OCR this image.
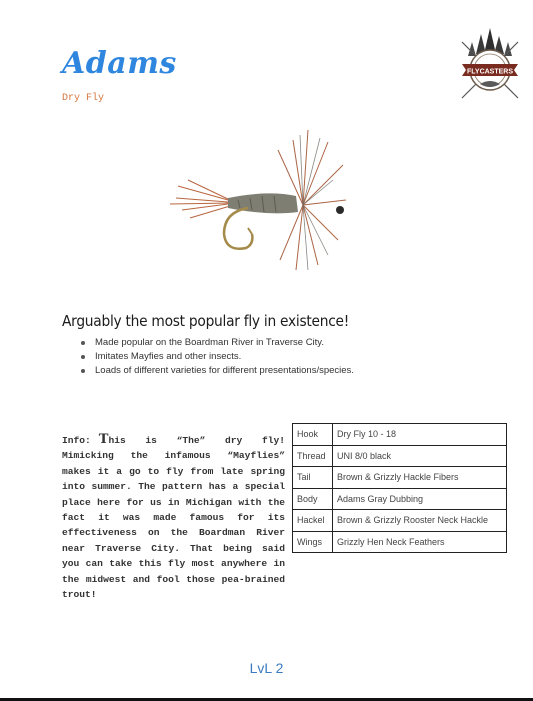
Adams
Dry Fly
FLYCASTERS
Arguably the most popular fly in existence!
Made popular on the Boardman River in Traverse City.
Imitates Mayfies and other insects.
Loads of different varieties for different presentations/species.
Info: This is “The” dry fly! Mimicking the infamous “Mayflies” makes it a go to fly from late spring into summer. The pattern has a special place here for us in Michigan with the fact it was made famous for its effectiveness on the Boardman River near Traverse City. That being said you can take this fly most anywhere in the midwest and fool those pea-brained trout!
Hook	Dry Fly 10 - 18
Thread	UNI 8/0 black
Tail	Brown & Grizzly Hackle Fibers
Body	Adams Gray Dubbing
Hackel	Brown & Grizzly Rooster Neck Hackle
Wings	Grizzly Hen Neck Feathers
LvL 2
